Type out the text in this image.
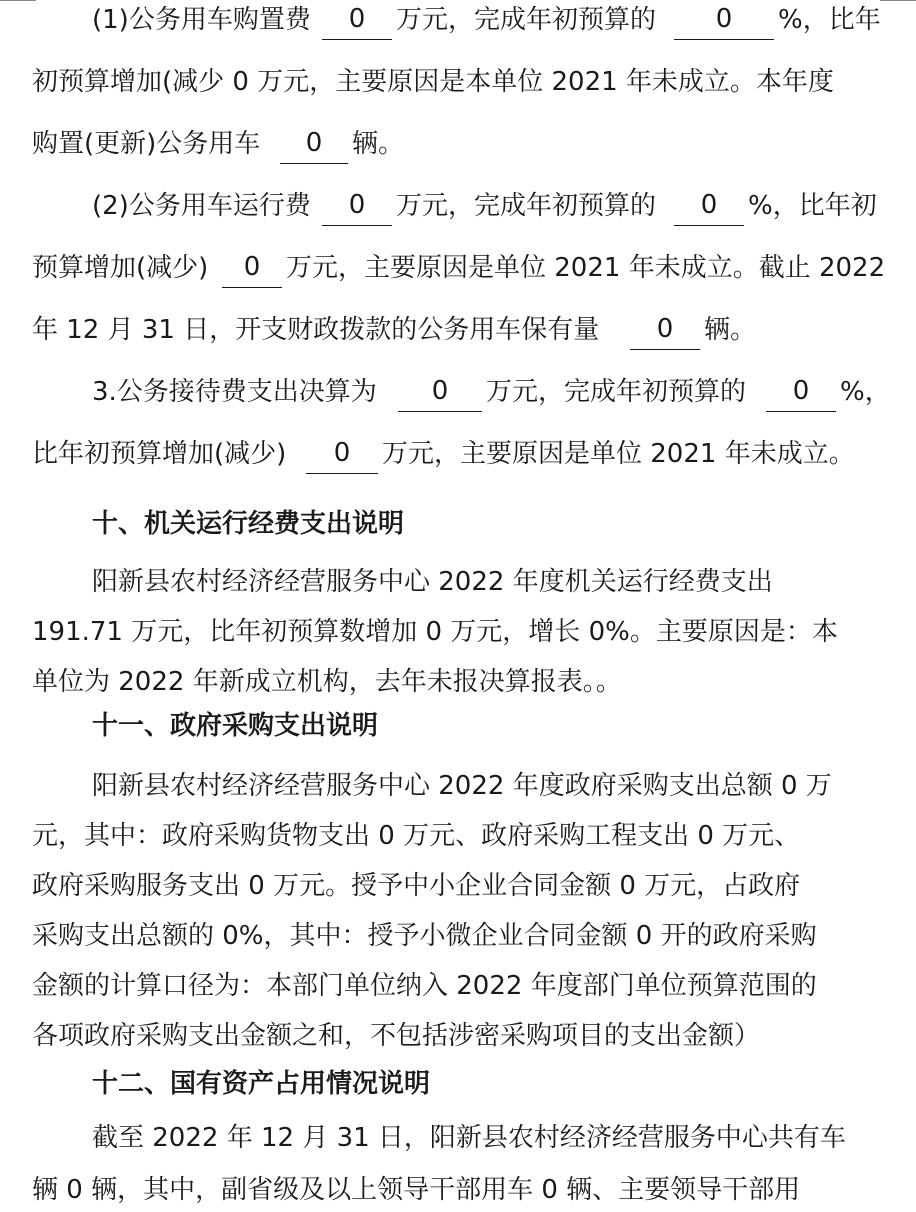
(1)公务用车购置费	0	万元，完成年初预算的	0	%，比年
初预算增加(减少 0 万元，主要原因是本单位 2021 年未成立。本年度
购置(更新)公务用车	0	辆。
(2)公务用车运行费	0	万元，完成年初预算的	0	%，比年初
预算增加(减少)	0 万元，主要原因是单位 2021 年未成立。截止 2022
年 12 月 31 日，开支财政拨款的公务用车保有量	0	辆。
3.公务接待费支出决算为	0	万元，完成年初预算的	0	%，
比年初预算增加(减少)	0	万元，主要原因是单位 2021 年未成立。
十、机关运行经费支出说明
阳新县农村经济经营服务中心 2022 年度机关运行经费支出
191.71 万元，比年初预算数增加 0 万元，增长 0%。主要原因是：本
单位为 2022 年新成立机构，去年未报决算报表。。
十一、政府采购支出说明
阳新县农村经济经营服务中心 2022 年度政府采购支出总额 0 万
元，其中：政府采购货物支出 0 万元、政府采购工程支出 0 万元、
政府采购服务支出 0 万元。授予中小企业合同金额 0 万元，占政府
采购支出总额的 0%，其中：授予小微企业合同金额 0 开的政府采购
金额的计算口径为：本部门单位纳入 2022 年度部门单位预算范围的
各项政府采购支出金额之和，不包括涉密采购项目的支出金额）
十二、国有资产占用情况说明
截至 2022 年 12 月 31 日，阳新县农村经济经营服务中心共有车
辆 0 辆，其中，副省级及以上领导干部用车 0 辆、主要领导干部用
